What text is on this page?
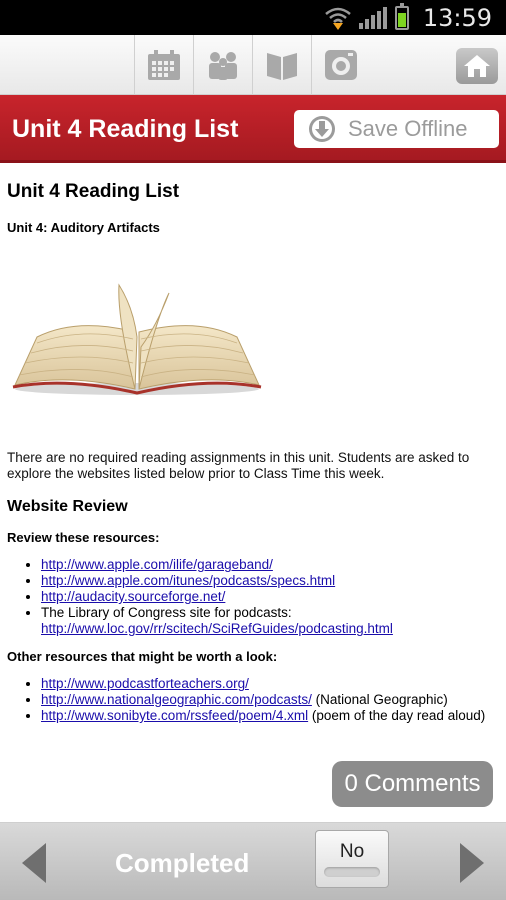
13:59
Unit 4 Reading List	Save Offline
Unit 4 Reading List
Unit 4: Auditory Artifacts

There are no required reading assignments in this unit. Students are asked to explore the websites listed below prior to Class Time this week.

Website Review
Review these resources:
• http://www.apple.com/ilife/garageband/
• http://www.apple.com/itunes/podcasts/specs.html
• http://audacity.sourceforge.net/
• The Library of Congress site for podcasts: http://www.loc.gov/rr/scitech/SciRefGuides/podcasting.html
Other resources that might be worth a look:
• http://www.podcastforteachers.org/
• http://www.nationalgeographic.com/podcasts/ (National Geographic)
• http://www.sonibyte.com/rssfeed/poem/4.xml (poem of the day read aloud)
0 Comments
Completed	No
